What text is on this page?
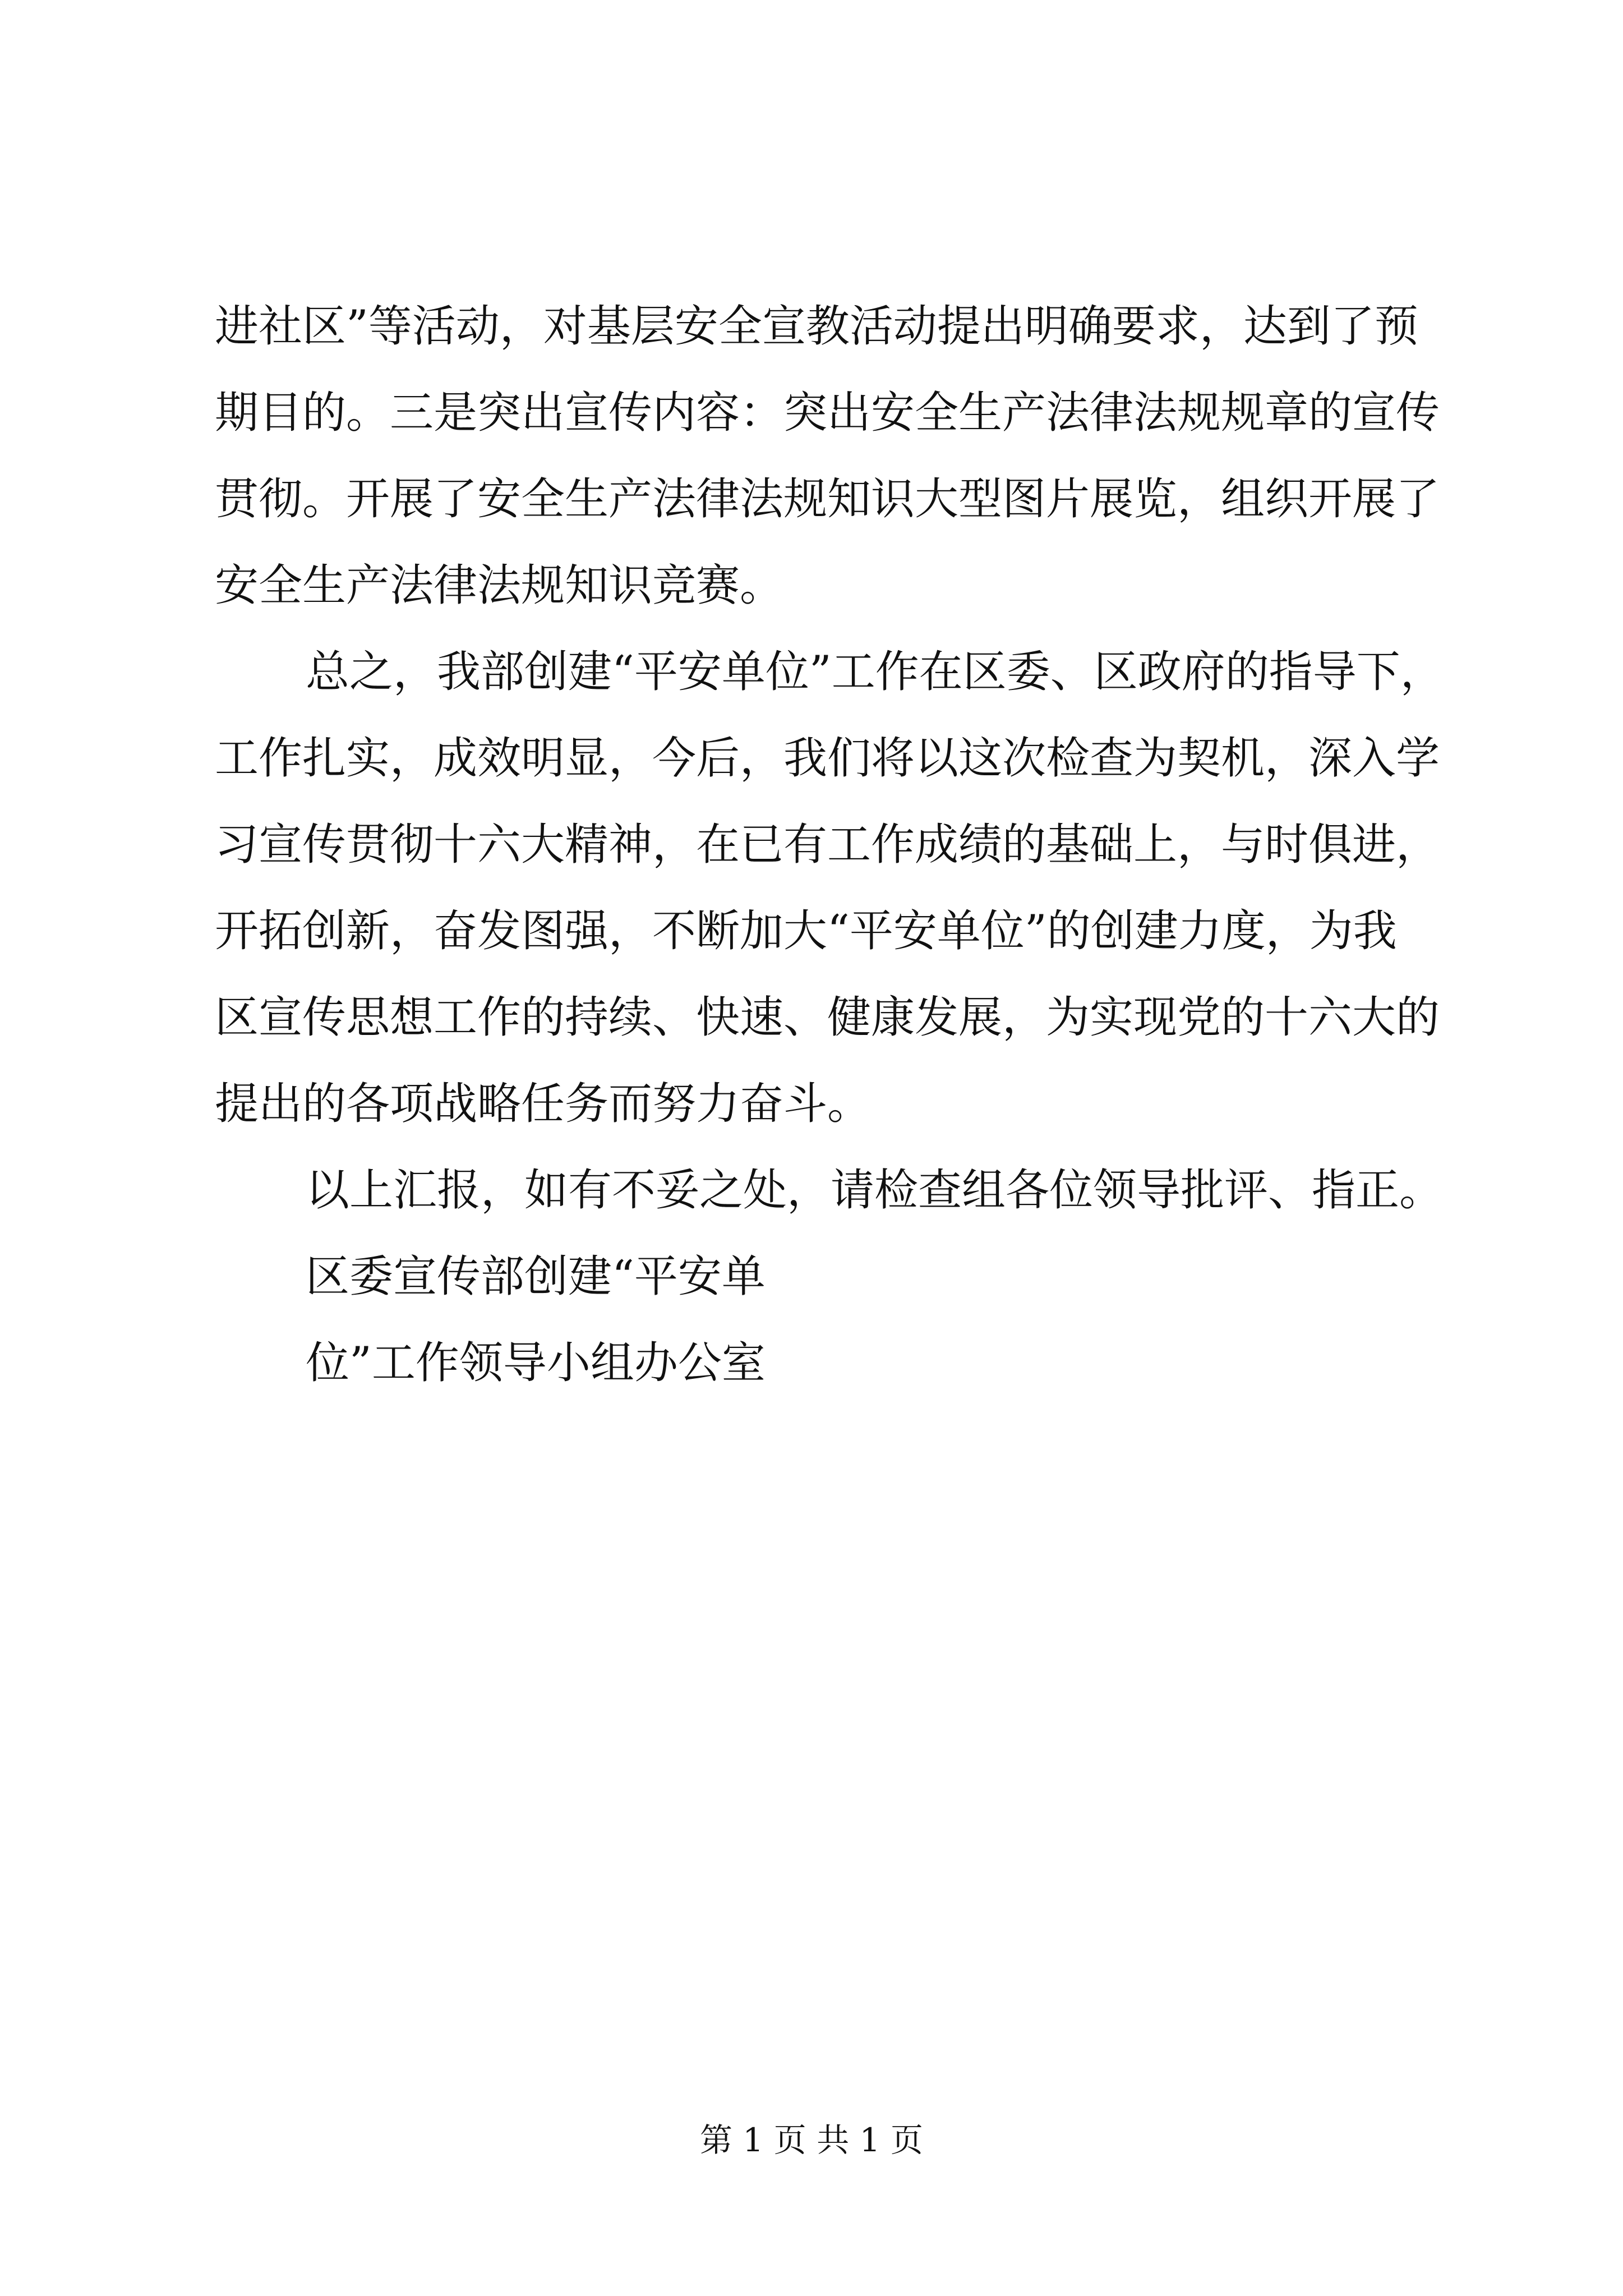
进社区”等活动，对基层安全宣教活动提出明确要求，达到了预
期目的。三是突出宣传内容：突出安全生产法律法规规章的宣传
贯彻。开展了安全生产法律法规知识大型图片展览，组织开展了
安全生产法律法规知识竞赛。
总之，我部创建“平安单位”工作在区委、区政府的指导下，
工作扎实，成效明显，今后，我们将以这次检查为契机，深入学
习宣传贯彻十六大精神，在已有工作成绩的基础上，与时俱进，
开拓创新，奋发图强，不断加大“平安单位”的创建力度，为我
区宣传思想工作的持续、快速、健康发展，为实现党的十六大的
提出的各项战略任务而努力奋斗。
以上汇报，如有不妥之处，请检查组各位领导批评、指正。
区委宣传部创建“平安单
位”工作领导小组办公室
第 1 页 共 1 页
